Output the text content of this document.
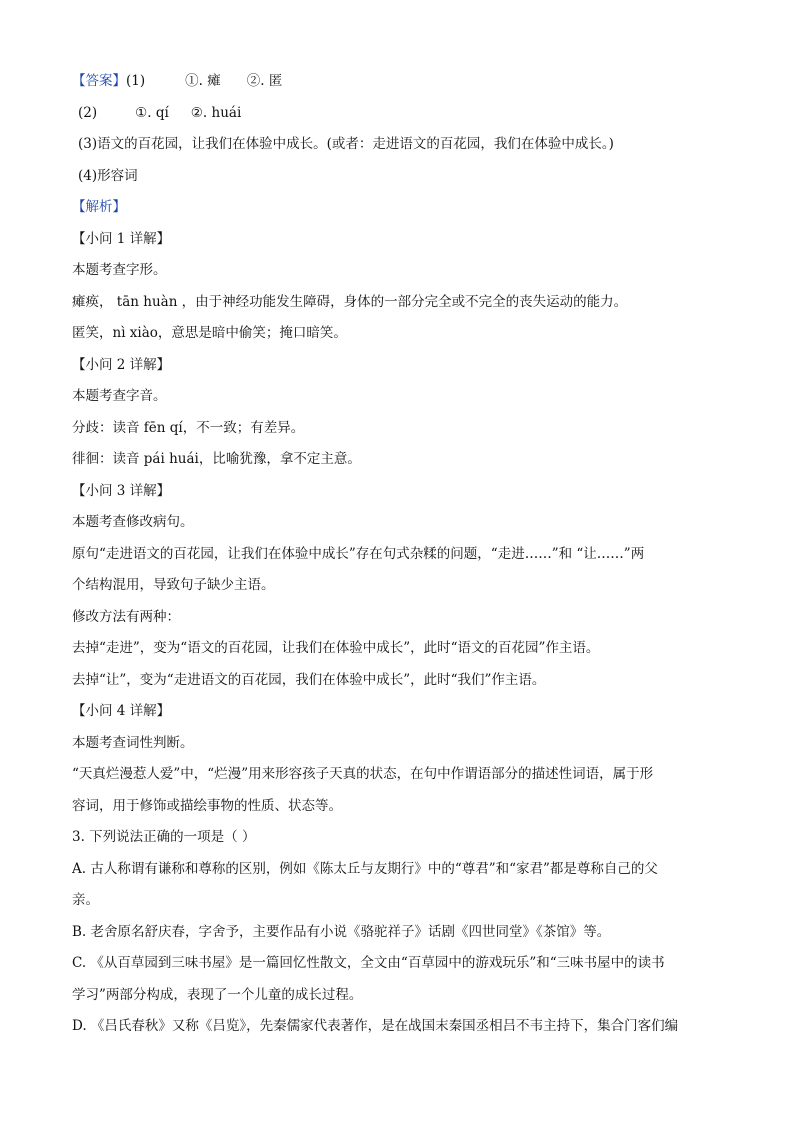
【答案】(1)	①. 瘫 ②. 匿
(2)	①. qí ②. huái
(3)语文的百花园，让我们在体验中成长。(或者：走进语文的百花园，我们在体验中成长。)
(4)形容词
【解析】
【小问 1 详解】
本题考查字形。
瘫痪， tān huàn ，由于神经功能发生障碍，身体的一部分完全或不完全的丧失运动的能力。
匿笑，nì xiào，意思是暗中偷笑；掩口暗笑。
【小问 2 详解】
本题考查字音。
分歧：读音 fēn qí，不一致；有差异。
徘徊：读音 pái huái，比喻犹豫，拿不定主意。
【小问 3 详解】
本题考查修改病句。
原句“走进语文的百花园，让我们在体验中成长”存在句式杂糅的问题，“走进……”和 “让……”两
个结构混用，导致句子缺少主语。
修改方法有两种：
去掉“走进”，变为“语文的百花园，让我们在体验中成长”，此时“语文的百花园”作主语。
去掉“让”，变为“走进语文的百花园，我们在体验中成长”，此时“我们”作主语。
【小问 4 详解】
本题考查词性判断。
“天真烂漫惹人爱”中，“烂漫”用来形容孩子天真的状态，在句中作谓语部分的描述性词语，属于形
容词，用于修饰或描绘事物的性质、状态等。
3. 下列说法正确的一项是（ ）
A. 古人称谓有谦称和尊称的区别，例如《陈太丘与友期行》中的“尊君”和“家君”都是尊称自己的父
亲。
B. 老舍原名舒庆春，字舍予，主要作品有小说《骆驼祥子》话剧《四世同堂》《茶馆》等。
C. 《从百草园到三味书屋》是一篇回忆性散文，全文由“百草园中的游戏玩乐”和“三味书屋中的读书
学习”两部分构成，表现了一个儿童的成长过程。
D. 《吕氏春秋》又称《吕览》，先秦儒家代表著作，是在战国末秦国丞相吕不韦主持下，集合门客们编
